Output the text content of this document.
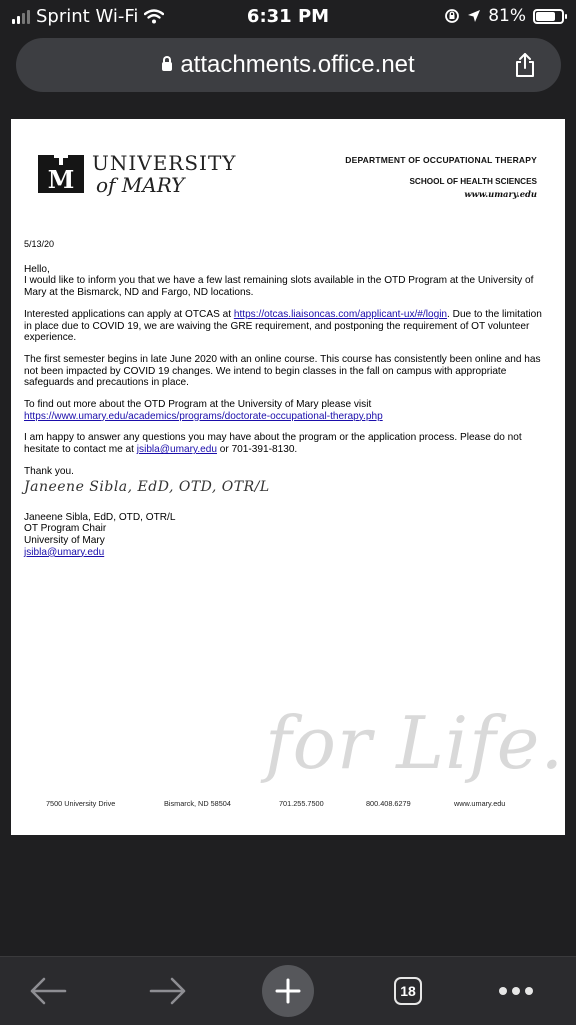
Sprint Wi-Fi	6:31 PM	81%
attachments.office.net
M
UNIVERSITY
of MARY
DEPARTMENT OF OCCUPATIONAL THERAPY
SCHOOL OF HEALTH SCIENCES
www.umary.edu

5/13/20

Hello,
I would like to inform you that we have a few last remaining slots available in the OTD Program at the University of Mary at the Bismarck, ND and Fargo, ND locations.

Interested applications can apply at OTCAS at https://otcas.liaisoncas.com/applicant-ux/#/login. Due to the limitation in place due to COVID 19, we are waiving the GRE requirement, and postponing the requirement of OT volunteer experience.

The first semester begins in late June 2020 with an online course. This course has consistently been online and has not been impacted by COVID 19 changes. We intend to begin classes in the fall on campus with appropriate safeguards and precautions in place.

To find out more about the OTD Program at the University of Mary please visit
https://www.umary.edu/academics/programs/doctorate-occupational-therapy.php

I am happy to answer any questions you may have about the program or the application process. Please do not hesitate to contact me at jsibla@umary.edu or 701-391-8130.

Thank you.

Janeene Sibla, EdD, OTD, OTR/L
Janeene Sibla, EdD, OTD, OTR/L
OT Program Chair
University of Mary
jsibla@umary.edu
for Life.
7500 University Drive	Bismarck, ND 58504	701.255.7500	800.408.6279	www.umary.edu
18
